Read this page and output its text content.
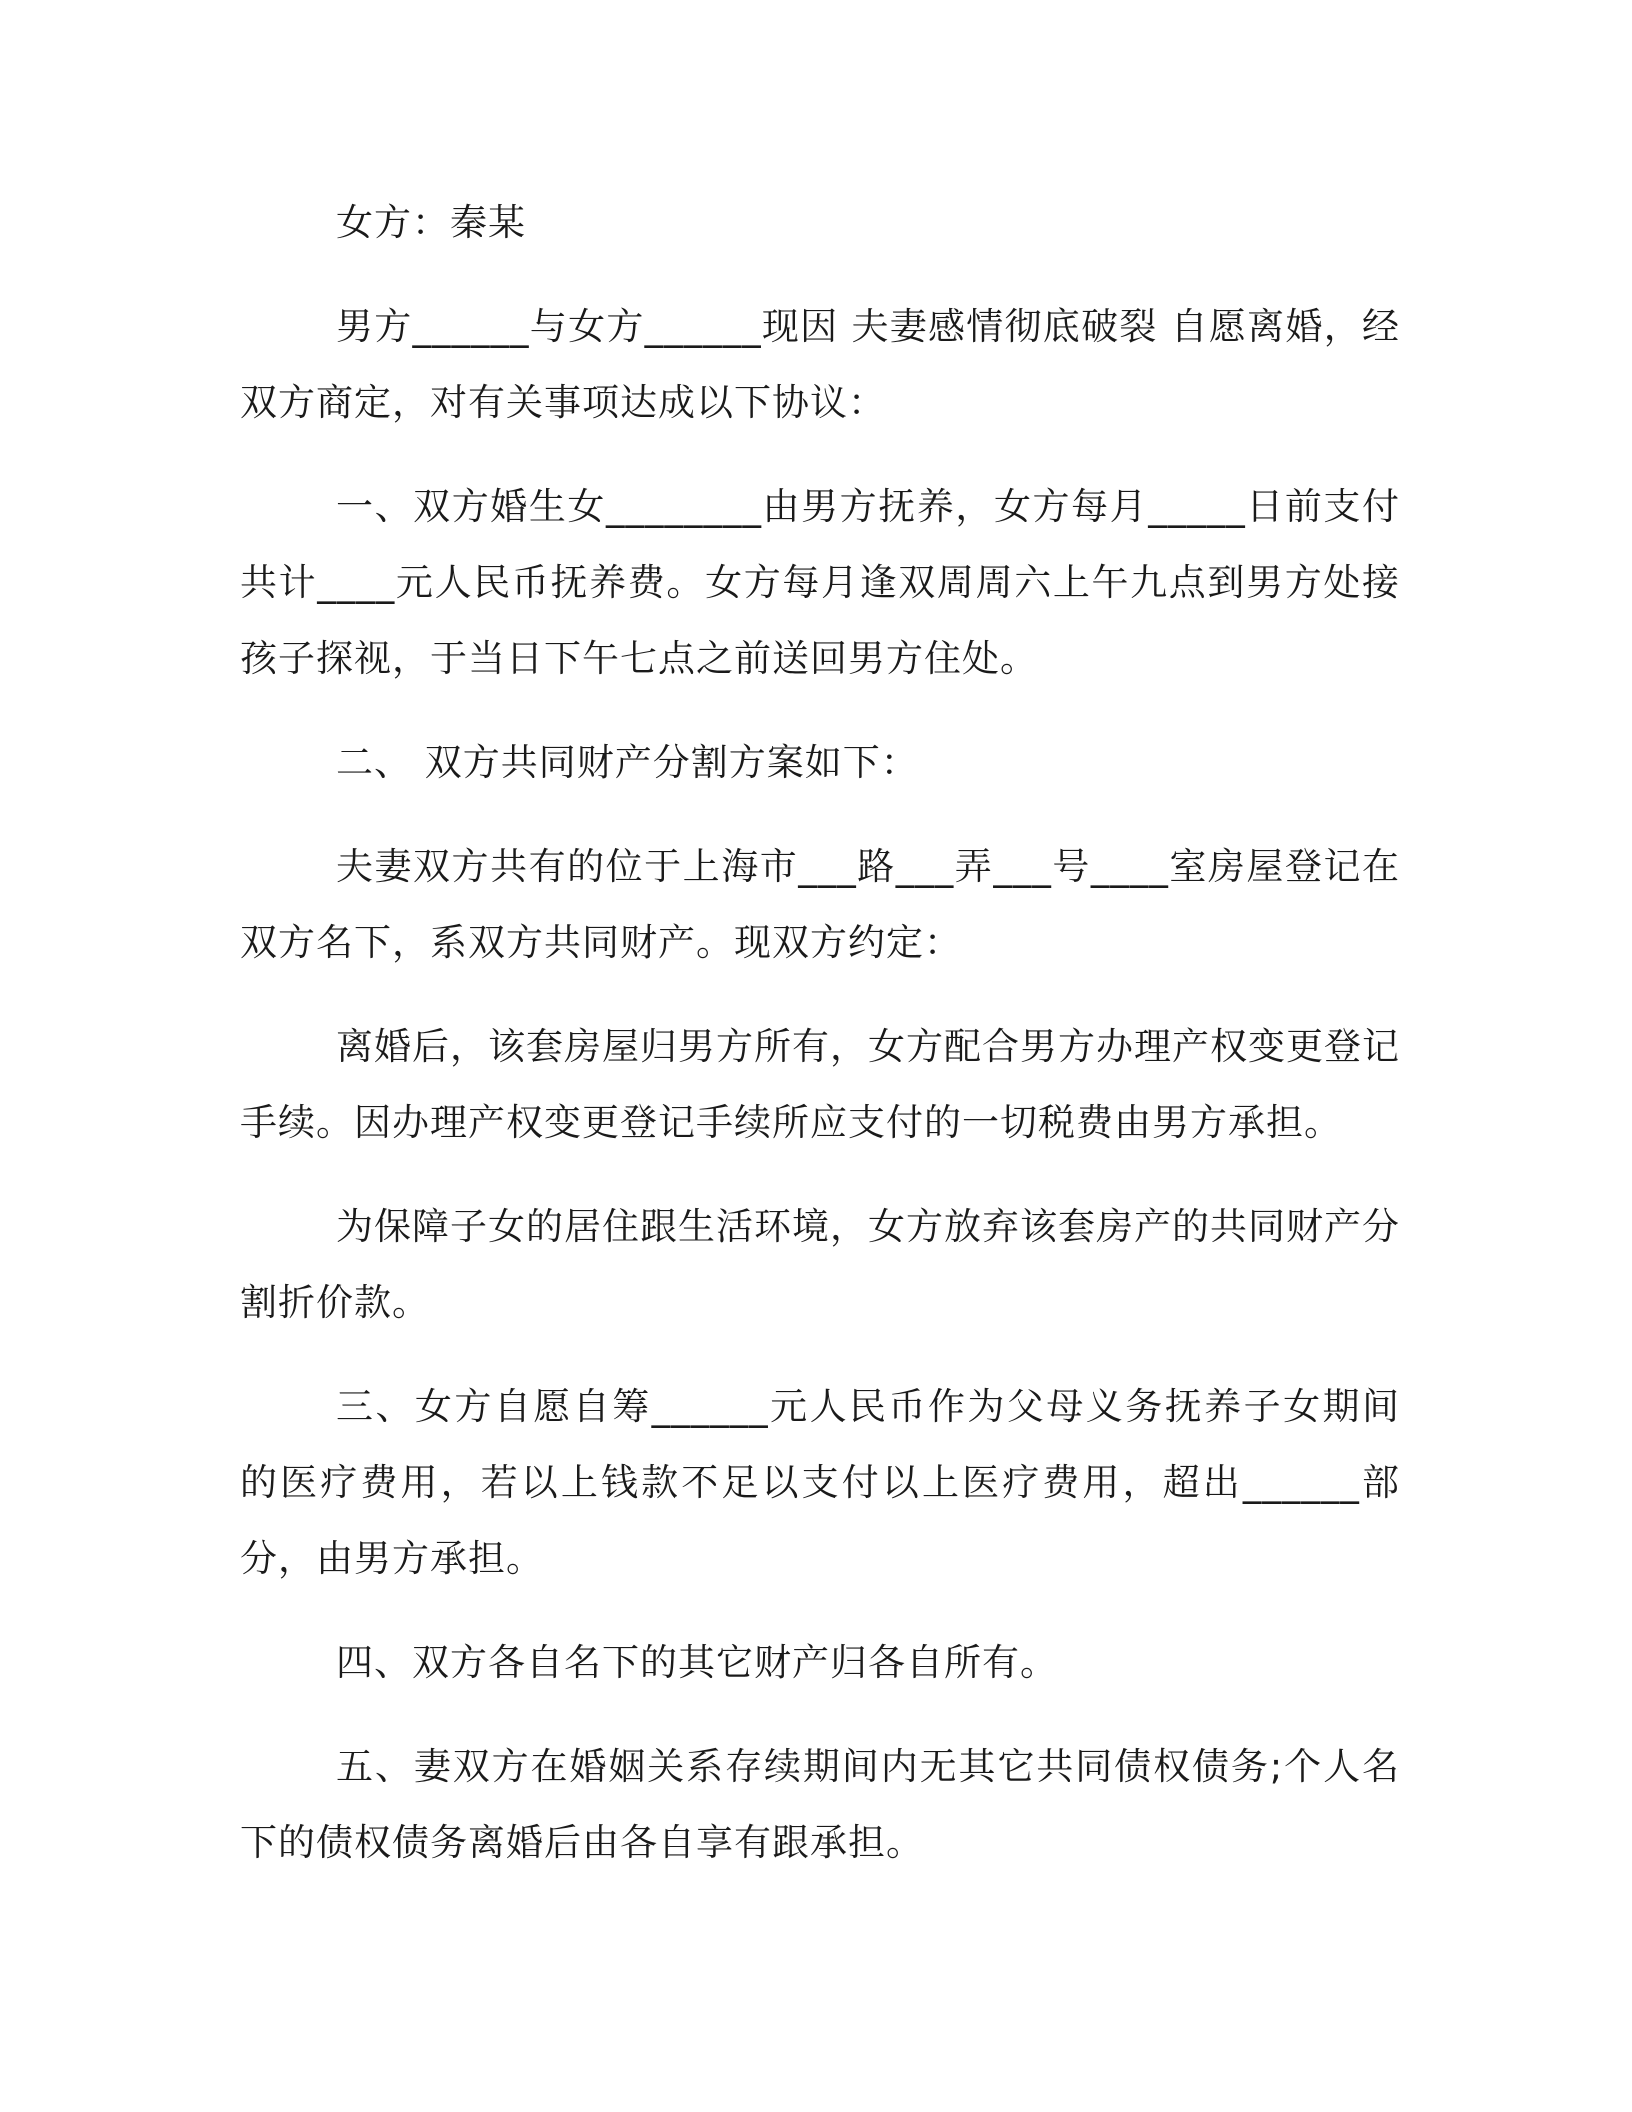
女方：秦某

男方______与女方______现因 夫妻感情彻底破裂 自愿离婚，经双方商定，对有关事项达成以下协议：

一、双方婚生女________由男方抚养，女方每月_____日前支付共计____元人民币抚养费。女方每月逢双周周六上午九点到男方处接孩子探视，于当日下午七点之前送回男方住处。

二、 双方共同财产分割方案如下：

夫妻双方共有的位于上海市___路___弄___号____室房屋登记在双方名下，系双方共同财产。现双方约定：

离婚后，该套房屋归男方所有，女方配合男方办理产权变更登记手续。因办理产权变更登记手续所应支付的一切税费由男方承担。

为保障子女的居住跟生活环境，女方放弃该套房产的共同财产分割折价款。

三、女方自愿自筹______元人民币作为父母义务抚养子女期间的医疗费用，若以上钱款不足以支付以上医疗费用，超出______部分，由男方承担。

四、双方各自名下的其它财产归各自所有。

五、妻双方在婚姻关系存续期间内无其它共同债权债务;个人名下的债权债务离婚后由各自享有跟承担。
